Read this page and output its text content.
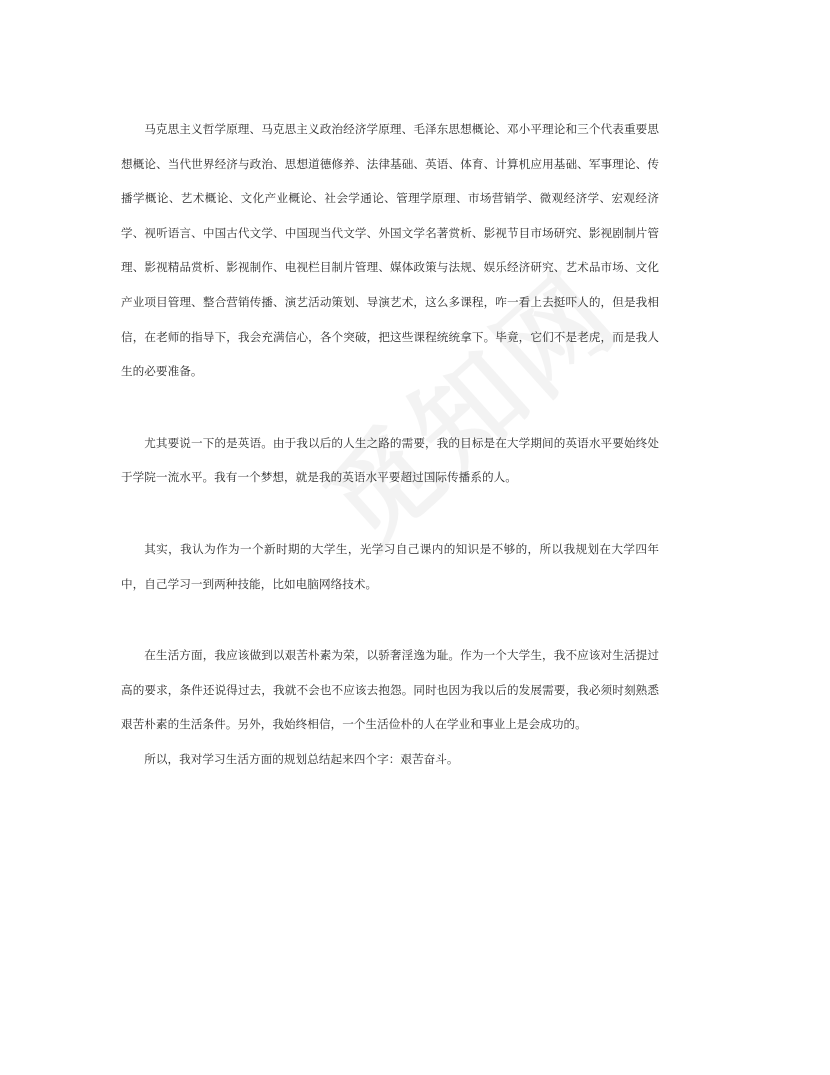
马克思主义哲学原理、马克思主义政治经济学原理、毛泽东思想概论、邓小平理论和三个代表重要思想概论、当代世界经济与政治、思想道德修养、法律基础、英语、体育、计算机应用基础、军事理论、传播学概论、艺术概论、文化产业概论、社会学通论、管理学原理、市场营销学、微观经济学、宏观经济学、视听语言、中国古代文学、中国现当代文学、外国文学名著赏析、影视节目市场研究、影视剧制片管理、影视精品赏析、影视制作、电视栏目制片管理、媒体政策与法规、娱乐经济研究、艺术品市场、文化产业项目管理、整合营销传播、演艺活动策划、导演艺术，这么多课程，咋一看上去挺吓人的，但是我相信，在老师的指导下，我会充满信心，各个突破，把这些课程统统拿下。毕竟，它们不是老虎，而是我人生的必要准备。

尤其要说一下的是英语。由于我以后的人生之路的需要，我的目标是在大学期间的英语水平要始终处于学院一流水平。我有一个梦想，就是我的英语水平要超过国际传播系的人。

其实，我认为作为一个新时期的大学生，光学习自己课内的知识是不够的，所以我规划在大学四年中，自己学习一到两种技能，比如电脑网络技术。

在生活方面，我应该做到以艰苦朴素为荣，以骄奢淫逸为耻。作为一个大学生，我不应该对生活提过高的要求，条件还说得过去，我就不会也不应该去抱怨。同时也因为我以后的发展需要，我必须时刻熟悉艰苦朴素的生活条件。另外，我始终相信，一个生活俭朴的人在学业和事业上是会成功的。

所以，我对学习生活方面的规划总结起来四个字：艰苦奋斗。
